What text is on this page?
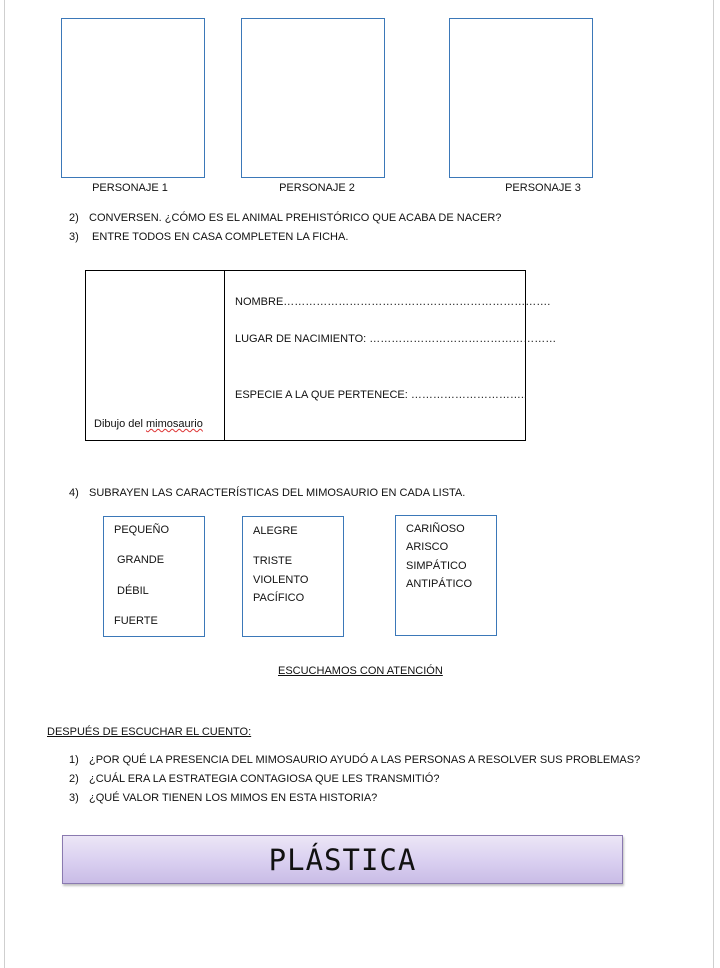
PERSONAJE 1	PERSONAJE 2	PERSONAJE 3
2) CONVERSEN. ¿CÓMO ES EL ANIMAL PREHISTÓRICO QUE ACABA DE NACER?
3) ENTRE TODOS EN CASA COMPLETEN LA FICHA.
Dibujo del mimosaurio
NOMBRE……………………………………………………………….
LUGAR DE NACIMIENTO: ……………………………………………
ESPECIE A LA QUE PERTENECE: …………………………..
4) SUBRAYEN LAS CARACTERÍSTICAS DEL MIMOSAURIO EN CADA LISTA.
PEQUEÑO
GRANDE
DÉBIL
FUERTE
ALEGRE
TRISTE
VIOLENTO
PACÍFICO
CARIÑOSO
ARISCO
SIMPÁTICO
ANTIPÁTICO
ESCUCHAMOS CON ATENCIÓN
DESPUÉS DE ESCUCHAR EL CUENTO:
1) ¿POR QUÉ LA PRESENCIA DEL MIMOSAURIO AYUDÓ A LAS PERSONAS A RESOLVER SUS PROBLEMAS?
2) ¿CUÁL ERA LA ESTRATEGIA CONTAGIOSA QUE LES TRANSMITIÓ?
3) ¿QUÉ VALOR TIENEN LOS MIMOS EN ESTA HISTORIA?
PLÁSTICA
